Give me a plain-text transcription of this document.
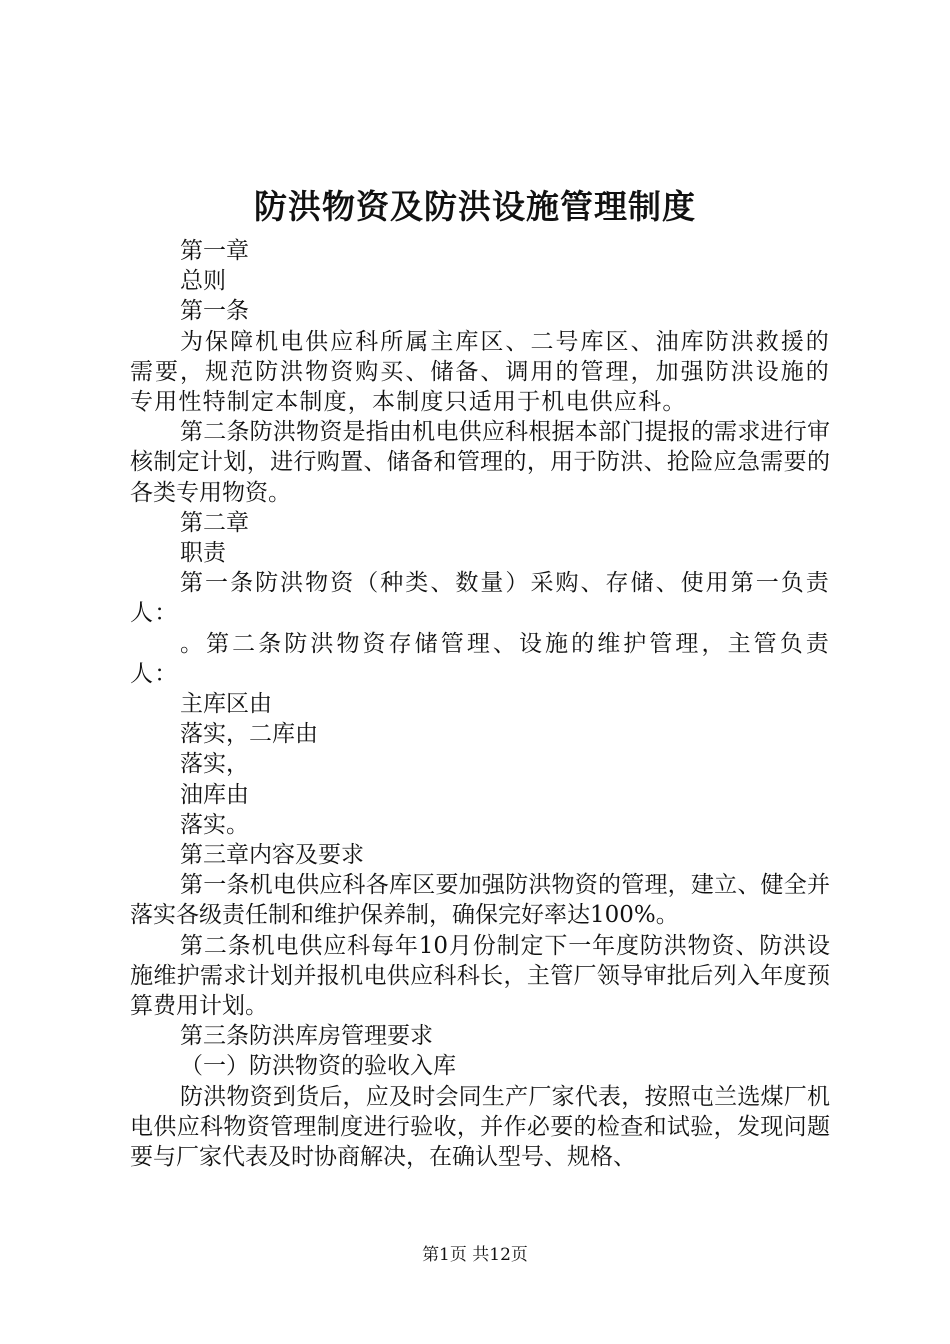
防洪物资及防洪设施管理制度

第一章

总则

第一条

为保障机电供应科所属主库区、二号库区、油库防洪救援的需要，规范防洪物资购买、储备、调用的管理，加强防洪设施的专用性特制定本制度，本制度只适用于机电供应科。

第二条防洪物资是指由机电供应科根据本部门提报的需求进行审核制定计划，进行购置、储备和管理的，用于防洪、抢险应急需要的各类专用物资。

第二章

职责

第一条防洪物资（种类、数量）采购、存储、使用第一负责人：

。第二条防洪物资存储管理、设施的维护管理，主管负责人：

主库区由

落实，二库由

落实，

油库由

落实。

第三章内容及要求

第一条机电供应科各库区要加强防洪物资的管理，建立、健全并落实各级责任制和维护保养制，确保完好率达100%。

第二条机电供应科每年10月份制定下一年度防洪物资、防洪设施维护需求计划并报机电供应科科长，主管厂领导审批后列入年度预算费用计划。

第三条防洪库房管理要求

（一）防洪物资的验收入库

防洪物资到货后，应及时会同生产厂家代表，按照屯兰选煤厂机电供应科物资管理制度进行验收，并作必要的检查和试验，发现问题要与厂家代表及时协商解决，在确认型号、规格、

第1页 共12页
